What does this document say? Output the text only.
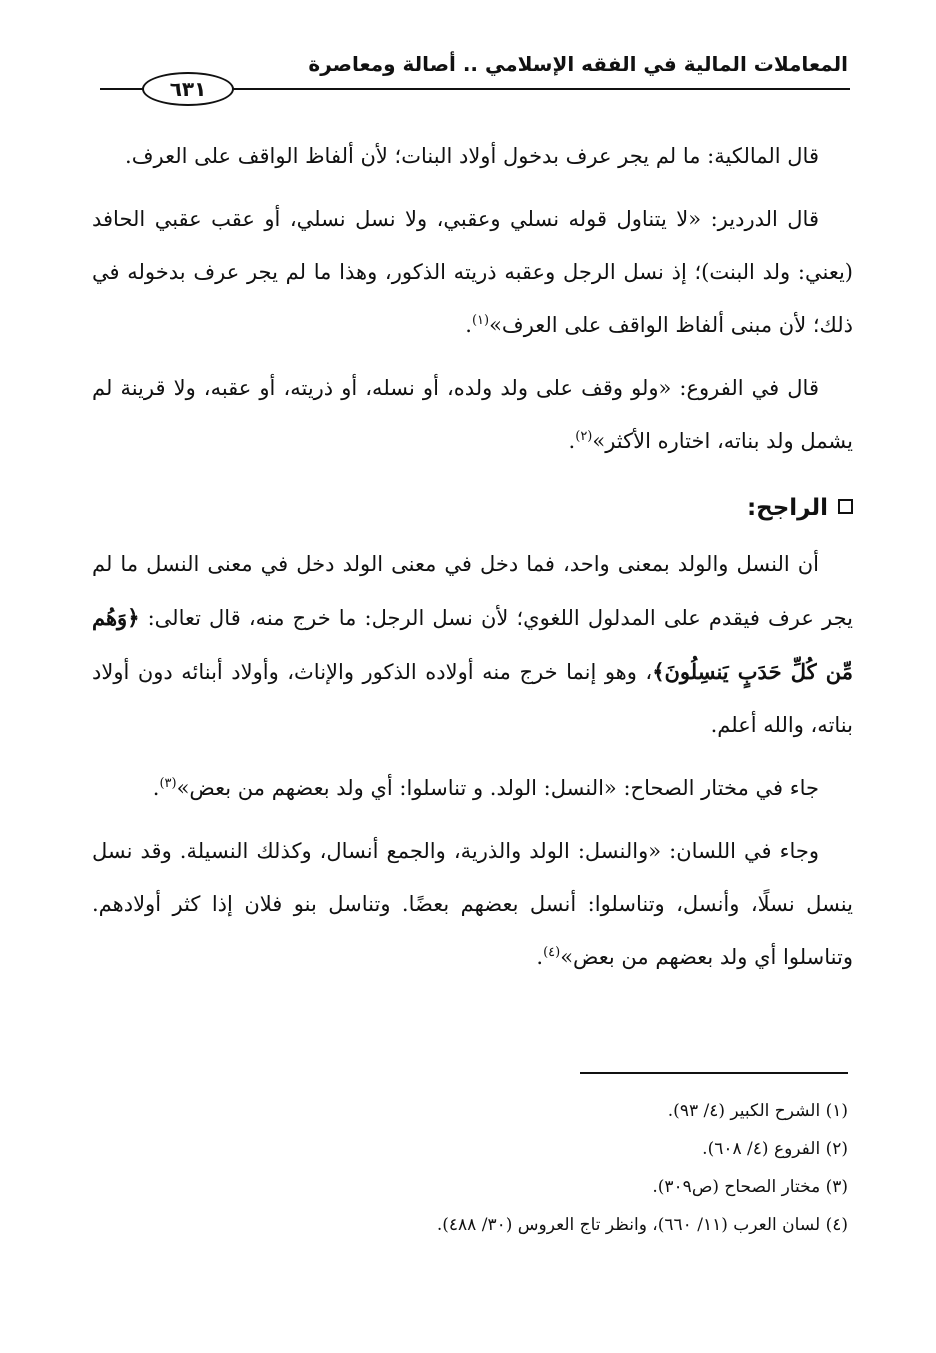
المعاملات المالية في الفقه الإسلامي .. أصالة ومعاصرة
٦٣١

قال المالكية: ما لم يجر عرف بدخول أولاد البنات؛ لأن ألفاظ الواقف على العرف.

قال الدردير: «لا يتناول قوله نسلي وعقبي، ولا نسل نسلي، أو عقب عقبي الحافد (يعني: ولد البنت)؛ إذ نسل الرجل وعقبه ذريته الذكور، وهذا ما لم يجر عرف بدخوله في ذلك؛ لأن مبنى ألفاظ الواقف على العرف»$^{(١)}$.

قال في الفروع: «ولو وقف على ولد ولده، أو نسله، أو ذريته، أو عقبه، ولا قرينة لم يشمل ولد بناته، اختاره الأكثر»$^{(٢)}$.

الراجح:

أن النسل والولد بمعنى واحد، فما دخل في معنى الولد دخل في معنى النسل ما لم يجر عرف فيقدم على المدلول اللغوي؛ لأن نسل الرجل: ما خرج منه، قال تعالى: ﴿وَهُم مِّن كُلِّ حَدَبٍ يَنسِلُونَ﴾، وهو إنما خرج منه أولاده الذكور والإناث، وأولاد أبنائه دون أولاد بناته، والله أعلم.

جاء في مختار الصحاح: «النسل: الولد. و تناسلوا: أي ولد بعضهم من بعض»$^{(٣)}$.

وجاء في اللسان: «والنسل: الولد والذرية، والجمع أنسال، وكذلك النسيلة. وقد نسل ينسل نسلًا، وأنسل، وتناسلوا: أنسل بعضهم بعضًا. وتناسل بنو فلان إذا كثر أولادهم. وتناسلوا أي ولد بعضهم من بعض»$^{(٤)}$.

(١) الشرح الكبير (٤/ ٩٣).

(٢) الفروع (٤/ ٦٠٨).

(٣) مختار الصحاح (ص٣٠٩).

(٤) لسان العرب (١١/ ٦٦٠)، وانظر تاج العروس (٣٠/ ٤٨٨).
